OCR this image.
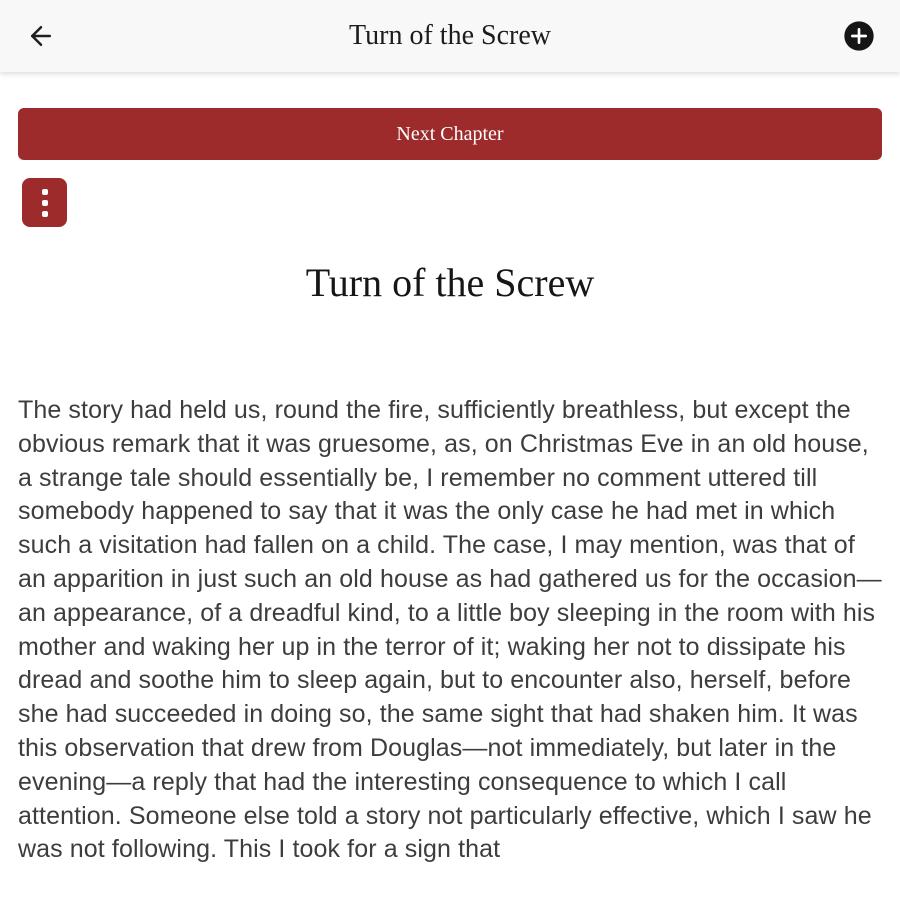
Turn of the Screw
Next Chapter
Turn of the Screw

The story had held us, round the fire, sufficiently breathless, but except the obvious remark that it was gruesome, as, on Christmas Eve in an old house, a strange tale should essentially be, I remember no comment uttered till somebody happened to say that it was the only case he had met in which such a visitation had fallen on a child. The case, I may mention, was that of an apparition in just such an old house as had gathered us for the occasion—an appearance, of a dreadful kind, to a little boy sleeping in the room with his mother and waking her up in the terror of it; waking her not to dissipate his dread and soothe him to sleep again, but to encounter also, herself, before she had succeeded in doing so, the same sight that had shaken him. It was this observation that drew from Douglas—not immediately, but later in the evening—a reply that had the interesting consequence to which I call attention. Someone else told a story not particularly effective, which I saw he was not following. This I took for a sign that
